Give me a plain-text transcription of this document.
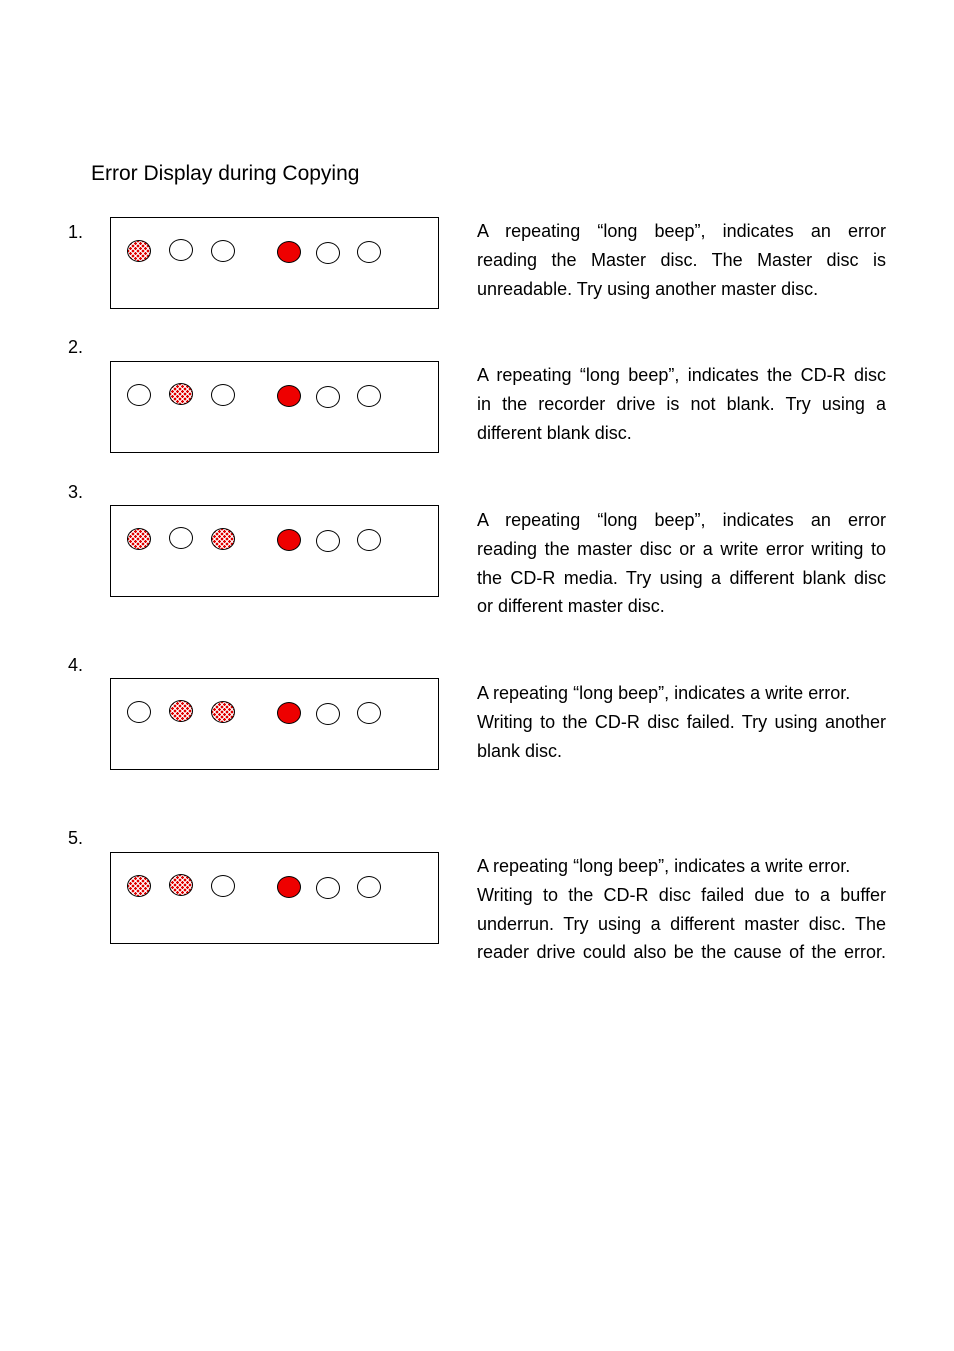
Error Display during Copying
1.	A repeating “long beep”, indicates an error
reading the Master disc. The Master disc is
unreadable. Try using another master disc.
2.
A repeating “long beep”, indicates the CD-R disc
in the recorder drive is not blank. Try using a
different blank disc.
3.
A repeating “long beep”, indicates an error
reading the master disc or a write error writing to
the CD-R media. Try using a different blank disc
or different master disc.
4.
A repeating “long beep”, indicates a write error.
Writing to the CD-R disc failed. Try using another
blank disc.
5.
A repeating “long beep”, indicates a write error.
Writing to the CD-R disc failed due to a buffer
underrun. Try using a different master disc. The
reader drive could also be the cause of the error.
